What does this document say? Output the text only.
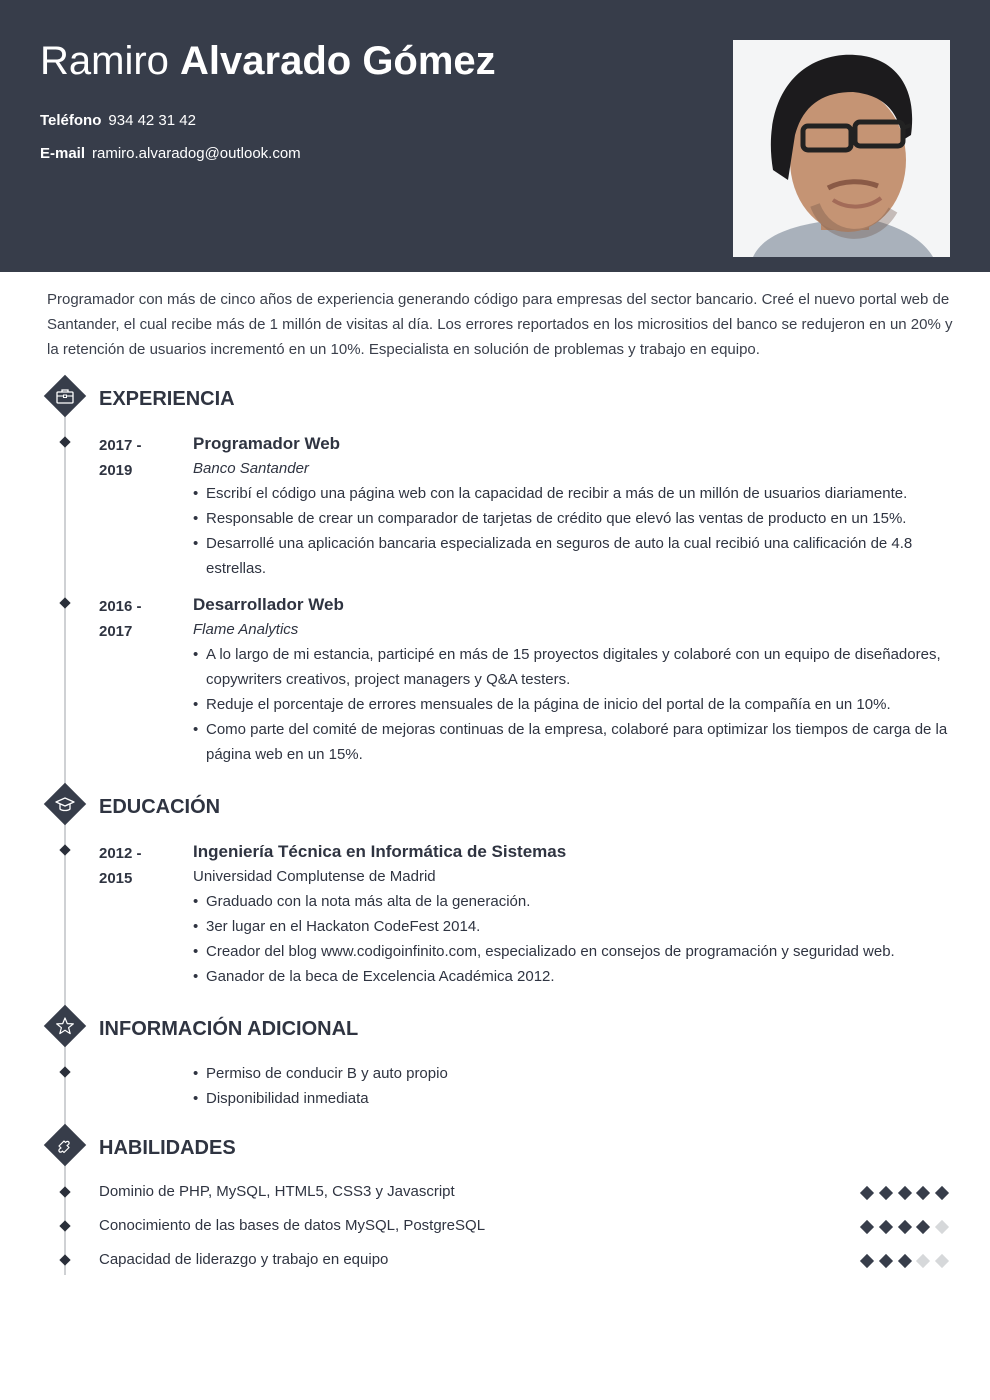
Ramiro Alvarado Gómez
Teléfono 934 42 31 42
E-mail ramiro.alvaradog@outlook.com

Programador con más de cinco años de experiencia generando código para empresas del sector bancario. Creé el nuevo portal web de Santander, el cual recibe más de 1 millón de visitas al día. Los errores reportados en los micrositios del banco se redujeron en un 20% y la retención de usuarios incrementó en un 10%. Especialista en solución de problemas y trabajo en equipo.

EXPERIENCIA
2017 -
2019
Programador Web
Banco Santander
• Escribí el código una página web con la capacidad de recibir a más de un millón de usuarios diariamente.
• Responsable de crear un comparador de tarjetas de crédito que elevó las ventas de producto en un 15%.
• Desarrollé una aplicación bancaria especializada en seguros de auto la cual recibió una calificación de 4.8 estrellas.
2016 -
2017
Desarrollador Web
Flame Analytics
• A lo largo de mi estancia, participé en más de 15 proyectos digitales y colaboré con un equipo de diseñadores, copywriters creativos, project managers y Q&A testers.
• Reduje el porcentaje de errores mensuales de la página de inicio del portal de la compañía en un 10%.
• Como parte del comité de mejoras continuas de la empresa, colaboré para optimizar los tiempos de carga de la página web en un 15%.
EDUCACIÓN
2012 -
2015
Ingeniería Técnica en Informática de Sistemas
Universidad Complutense de Madrid
• Graduado con la nota más alta de la generación.
• 3er lugar en el Hackaton CodeFest 2014.
• Creador del blog www.codigoinfinito.com, especializado en consejos de programación y seguridad web.
• Ganador de la beca de Excelencia Académica 2012.
INFORMACIÓN ADICIONAL
• Permiso de conducir B y auto propio
• Disponibilidad inmediata
HABILIDADES
Dominio de PHP, MySQL, HTML5, CSS3 y Javascript
Conocimiento de las bases de datos MySQL, PostgreSQL
Capacidad de liderazgo y trabajo en equipo
